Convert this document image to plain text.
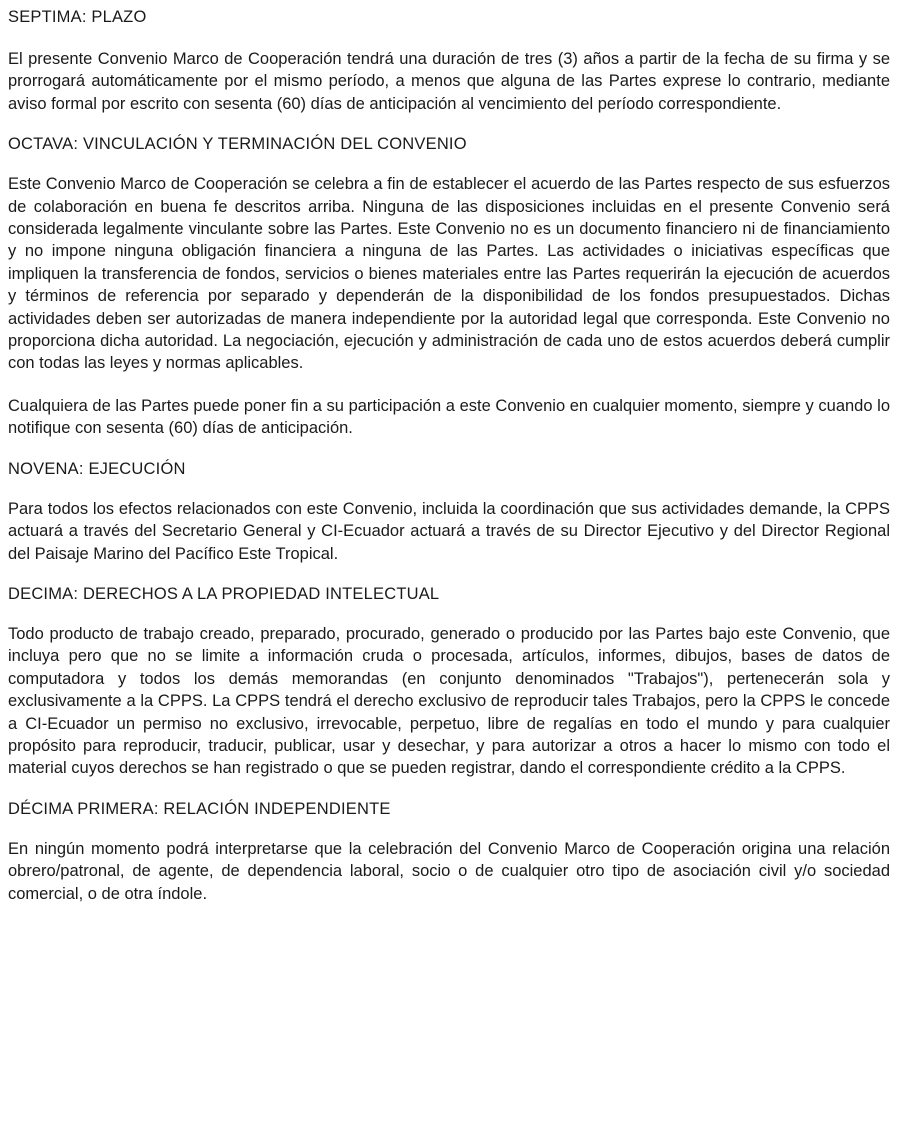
SEPTIMA: PLAZO

El presente Convenio Marco de Cooperación tendrá una duración de tres (3) años a partir de la fecha de su firma y se prorrogará automáticamente por el mismo período, a menos que alguna de las Partes exprese lo contrario, mediante aviso formal por escrito con sesenta (60) días de anticipación al vencimiento del período correspondiente.

OCTAVA: VINCULACIÓN Y TERMINACIÓN DEL CONVENIO

Este Convenio Marco de Cooperación se celebra a fin de establecer el acuerdo de las Partes respecto de sus esfuerzos de colaboración en buena fe descritos arriba. Ninguna de las disposiciones incluidas en el presente Convenio será considerada legalmente vinculante sobre las Partes. Este Convenio no es un documento financiero ni de financiamiento y no impone ninguna obligación financiera a ninguna de las Partes. Las actividades o iniciativas específicas que impliquen la transferencia de fondos, servicios o bienes materiales entre las Partes requerirán la ejecución de acuerdos y términos de referencia por separado y dependerán de la disponibilidad de los fondos presupuestados. Dichas actividades deben ser autorizadas de manera independiente por la autoridad legal que corresponda. Este Convenio no proporciona dicha autoridad. La negociación, ejecución y administración de cada uno de estos acuerdos deberá cumplir con todas las leyes y normas aplicables.

Cualquiera de las Partes puede poner fin a su participación a este Convenio en cualquier momento, siempre y cuando lo notifique con sesenta (60) días de anticipación.

NOVENA: EJECUCIÓN

Para todos los efectos relacionados con este Convenio, incluida la coordinación que sus actividades demande, la CPPS actuará a través del Secretario General y CI-Ecuador actuará a través de su Director Ejecutivo y del Director Regional del Paisaje Marino del Pacífico Este Tropical.

DECIMA: DERECHOS A LA PROPIEDAD INTELECTUAL

Todo producto de trabajo creado, preparado, procurado, generado o producido por las Partes bajo este Convenio, que incluya pero que no se limite a información cruda o procesada, artículos, informes, dibujos, bases de datos de computadora y todos los demás memorandas (en conjunto denominados "Trabajos"), pertenecerán sola y exclusivamente a la CPPS. La CPPS tendrá el derecho exclusivo de reproducir tales Trabajos, pero la CPPS le concede a CI-Ecuador un permiso no exclusivo, irrevocable, perpetuo, libre de regalías en todo el mundo y para cualquier propósito para reproducir, traducir, publicar, usar y desechar, y para autorizar a otros a hacer lo mismo con todo el material cuyos derechos se han registrado o que se pueden registrar, dando el correspondiente crédito a la CPPS.

DÉCIMA PRIMERA: RELACIÓN INDEPENDIENTE

En ningún momento podrá interpretarse que la celebración del Convenio Marco de Cooperación origina una relación obrero/patronal, de agente, de dependencia laboral, socio o de cualquier otro tipo de asociación civil y/o sociedad comercial, o de otra índole.
